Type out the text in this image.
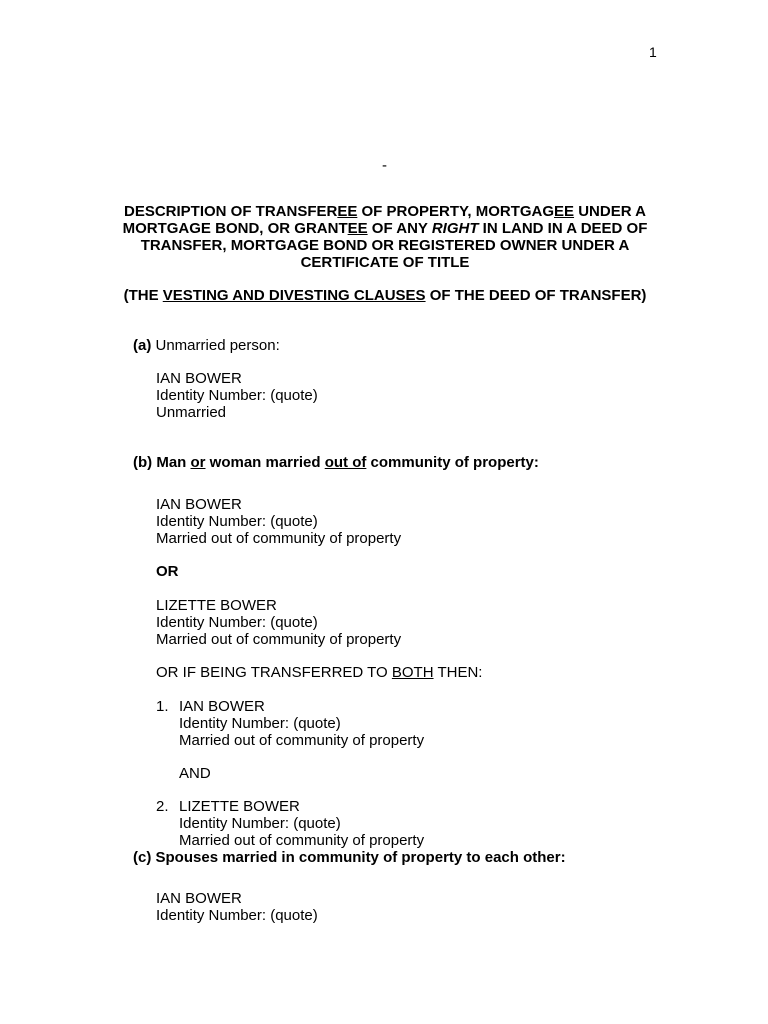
1
-
DESCRIPTION OF TRANSFEREE OF PROPERTY, MORTGAGEE UNDER A MORTGAGE BOND, OR GRANTEE OF ANY RIGHT IN LAND IN A DEED OF TRANSFER, MORTGAGE BOND OR REGISTERED OWNER UNDER A CERTIFICATE OF TITLE
(THE VESTING AND DIVESTING CLAUSES OF THE DEED OF TRANSFER)
(a) Unmarried person:
IAN BOWER
Identity Number: (quote)
Unmarried
(b) Man or woman married out of community of property:
IAN BOWER
Identity Number: (quote)
Married out of community of property
OR
LIZETTE BOWER
Identity Number: (quote)
Married out of community of property
OR IF BEING TRANSFERRED TO BOTH THEN:
1. IAN BOWER
Identity Number: (quote)
Married out of community of property
AND
2. LIZETTE BOWER
Identity Number: (quote)
Married out of community of property
(c) Spouses married in community of property to each other:
IAN BOWER
Identity Number: (quote)
